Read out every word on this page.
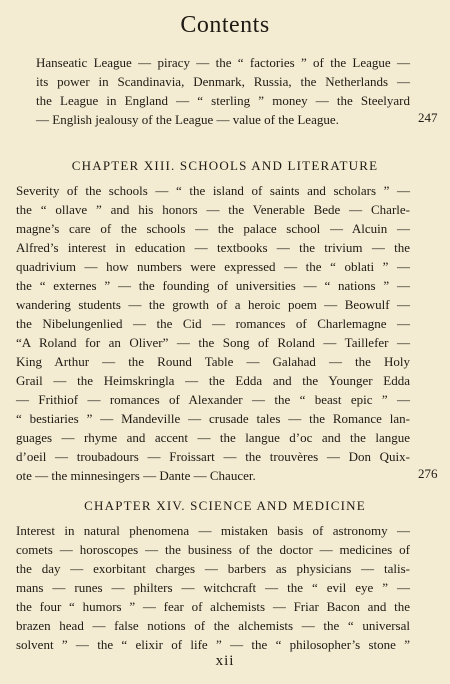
Contents
Hanseatic League — piracy — the “ factories ” of the League —
its power in Scandinavia, Denmark, Russia, the Netherlands —
the League in England — “ sterling ” money — the Steelyard
— English jealousy of the League — value of the League.	247
CHAPTER XIII. SCHOOLS AND LITERATURE
Severity of the schools — “ the island of saints and scholars ” —
the “ ollave ” and his honors — the Venerable Bede — Charle-
magne’s care of the schools — the palace school — Alcuin —
Alfred’s interest in education — textbooks — the trivium — the
quadrivium — how numbers were expressed — the “ oblati ” —
the “ externes ” — the founding of universities — “ nations ” —
wandering students — the growth of a heroic poem — Beowulf —
the Nibelungenlied — the Cid — romances of Charlemagne —
“A Roland for an Oliver” — the Song of Roland — Taillefer —
King Arthur — the Round Table — Galahad — the Holy
Grail — the Heimskringla — the Edda and the Younger Edda
— Frithiof — romances of Alexander — the “ beast epic ” —
“ bestiaries ” — Mandeville — crusade tales — the Romance lan-
guages — rhyme and accent — the langue d’oc and the langue
d’oeil — troubadours — Froissart — the trouvères — Don Quix-
ote — the minnesingers — Dante — Chaucer.	276
CHAPTER XIV. SCIENCE AND MEDICINE
Interest in natural phenomena — mistaken basis of astronomy —
comets — horoscopes — the business of the doctor — medicines of
the day — exorbitant charges — barbers as physicians — talis-
mans — runes — philters — witchcraft — the “ evil eye ” —
the four “ humors ” — fear of alchemists — Friar Bacon and the
brazen head — false notions of the alchemists — the “ universal
solvent ” — the “ elixir of life ” — the “ philosopher’s stone ”
xii
